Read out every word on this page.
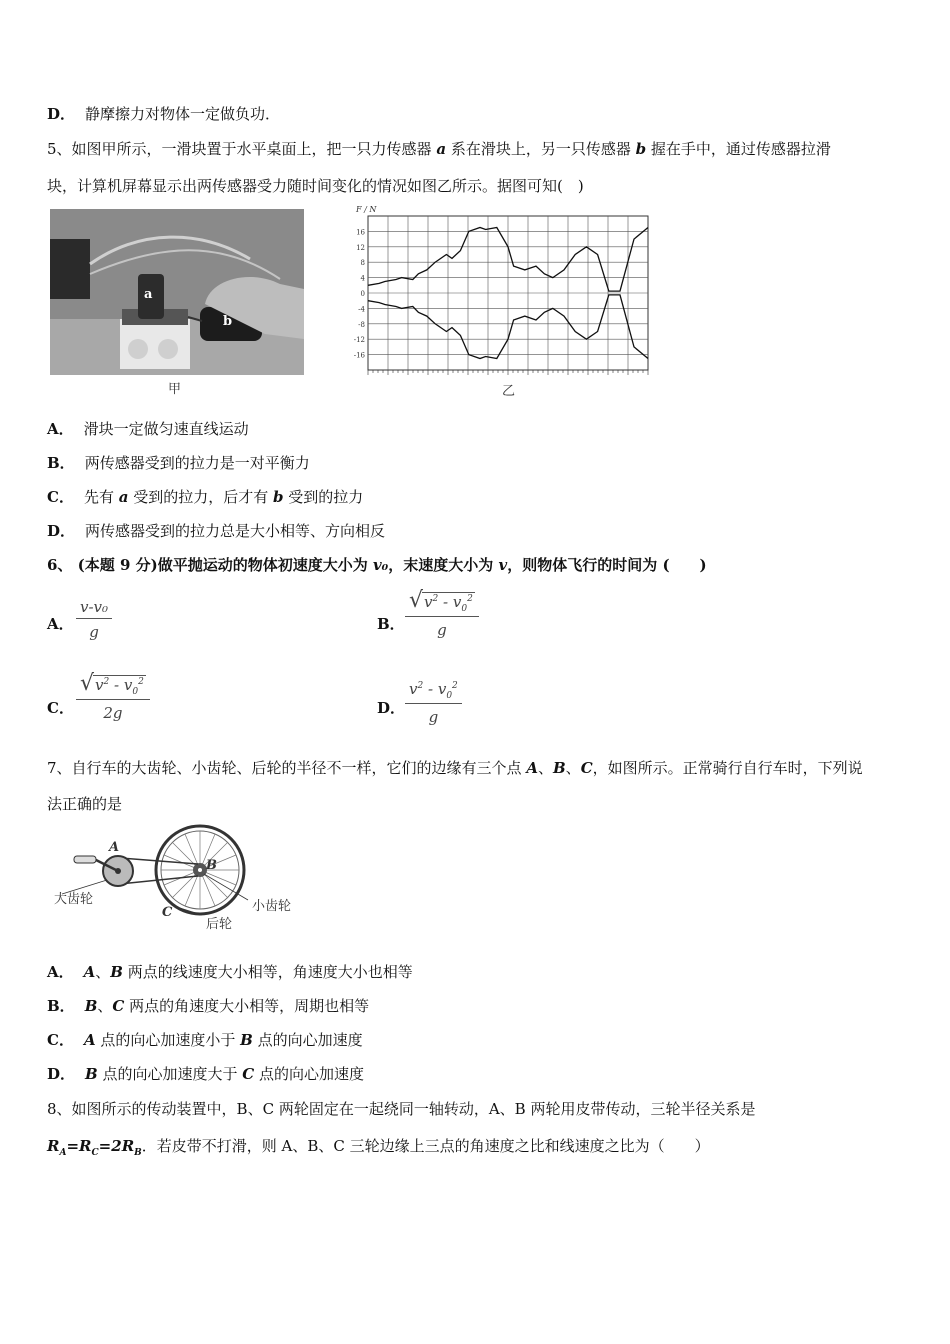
D． 静摩擦力对物体一定做负功．
5、如图甲所示，一滑块置于水平桌面上，把一只力传感器 a 系在滑块上，另一只传感器 b 握在手中，通过传感器拉滑
块，计算机屏幕显示出两传感器受力随时间变化的情况如图乙所示。据图可知(　)
a
b
甲
16
12
8
4
0
-4
-8
-12
-16
F / N
乙
A． 滑块一定做匀速直线运动
B． 两传感器受到的拉力是一对平衡力
C． 先有 a 受到的拉力，后才有 b 受到的拉力
D． 两传感器受到的拉力总是大小相等、方向相反
6、 (本题 9 分)做平抛运动的物体初速度大小为 v₀，末速度大小为 v，则物体飞行的时间为 (　　)
A． $\frac{\text{v-v₀}}{g}$	B． $\frac{√ v^2 - v_0^2}{g}$
C． $\frac{√ v^2 - v_0^2}{2g}$	D． $\frac{v^2 - v_0^2}{g}$
7、自行车的大齿轮、小齿轮、后轮的半径不一样，它们的边缘有三个点 A、B、C，如图所示。正常骑行自行车时，下列说
法正确的是
A
B
C
大齿轮	小齿轮
后轮
A． A、B 两点的线速度大小相等，角速度大小也相等
B． B、C 两点的角速度大小相等，周期也相等
C． A 点的向心加速度小于 B 点的向心加速度
D． B 点的向心加速度大于 C 点的向心加速度
8、如图所示的传动装置中，B、C 两轮固定在一起绕同一轴转动，A、B 两轮用皮带传动，三轮半径关系是
$R_A=R_C=2R_B$．若皮带不打滑，则 A、B、C 三轮边缘上三点的角速度之比和线速度之比为（　　）
